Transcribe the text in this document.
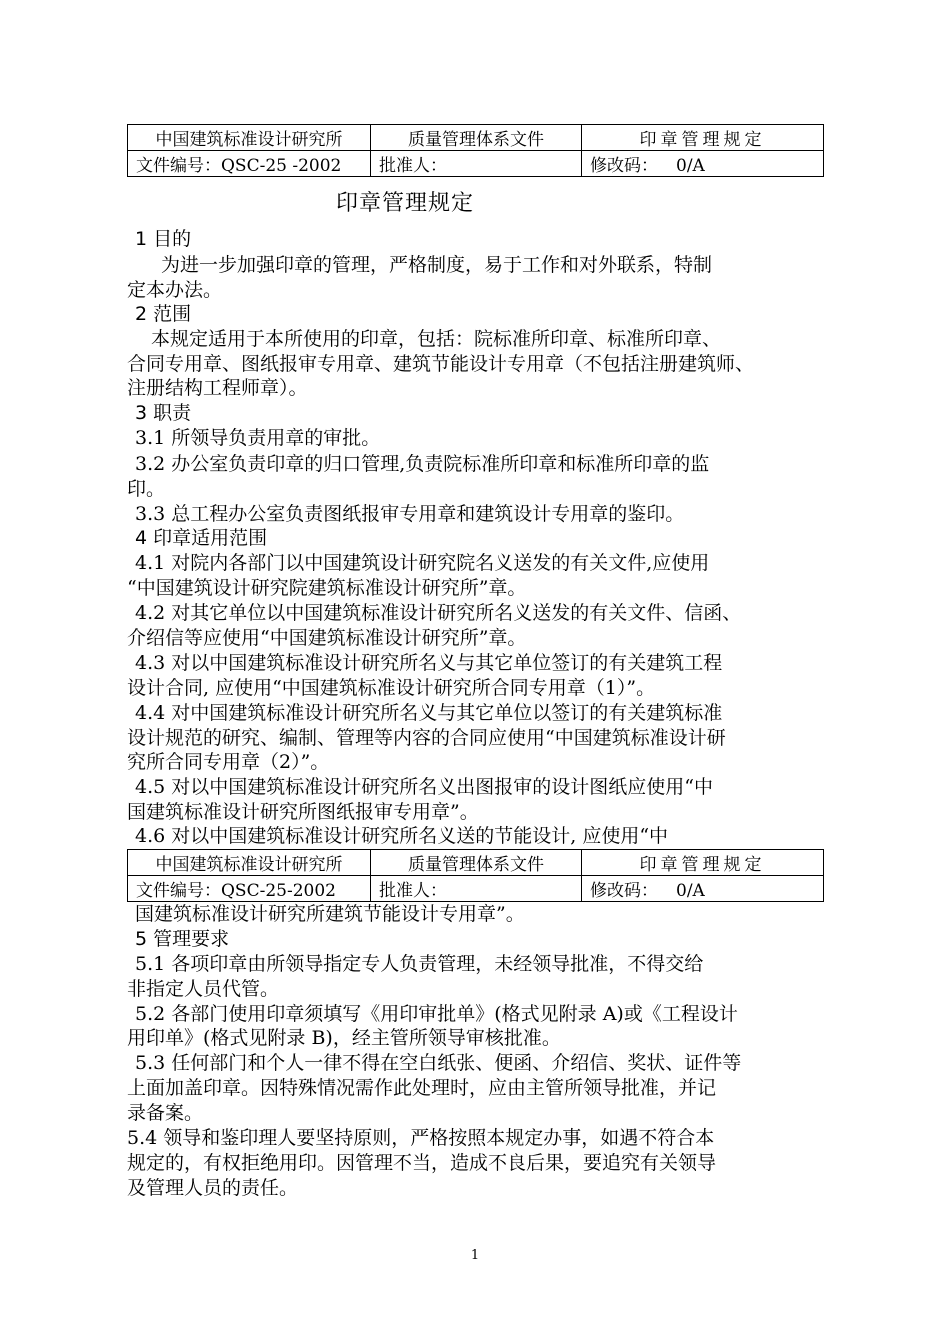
中国建筑标准设计研究所	质量管理体系文件	印章管理规定
文件编号：QSC-25 -2002	批准人：	修改码： 0/A
印章管理规定
1 目的
为进一步加强印章的管理，严格制度，易于工作和对外联系，特制
定本办法。
2 范围
本规定适用于本所使用的印章，包括：院标准所印章、标准所印章、
合同专用章、图纸报审专用章、建筑节能设计专用章（不包括注册建筑师、
注册结构工程师章）。
3 职责
3.1 所领导负责用章的审批。
3.2 办公室负责印章的归口管理,负责院标准所印章和标准所印章的监
印。
3.3 总工程办公室负责图纸报审专用章和建筑设计专用章的鉴印。
4 印章适用范围
4.1 对院内各部门以中国建筑设计研究院名义送发的有关文件,应使用
“中国建筑设计研究院建筑标准设计研究所”章。
4.2 对其它单位以中国建筑标准设计研究所名义送发的有关文件、信函、
介绍信等应使用“中国建筑标准设计研究所”章。
4.3 对以中国建筑标准设计研究所名义与其它单位签订的有关建筑工程
设计合同, 应使用“中国建筑标准设计研究所合同专用章（1）”。
4.4 对中国建筑标准设计研究所名义与其它单位以签订的有关建筑标准
设计规范的研究、编制、管理等内容的合同应使用“中国建筑标准设计研
究所合同专用章（2）”。
4.5 对以中国建筑标准设计研究所名义出图报审的设计图纸应使用“中
国建筑标准设计研究所图纸报审专用章”。
4.6 对以中国建筑标准设计研究所名义送的节能设计, 应使用“中
中国建筑标准设计研究所	质量管理体系文件	印章管理规定
文件编号：QSC-25-2002	批准人：	修改码： 0/A
国建筑标准设计研究所建筑节能设计专用章”。
5 管理要求
5.1 各项印章由所领导指定专人负责管理，未经领导批准，不得交给
非指定人员代管。
5.2 各部门使用印章须填写《用印审批单》(格式见附录 A)或《工程设计
用印单》(格式见附录 B)，经主管所领导审核批准。
5.3 任何部门和个人一律不得在空白纸张、便函、介绍信、奖状、证件等
上面加盖印章。因特殊情况需作此处理时，应由主管所领导批准，并记
录备案。
5.4 领导和鉴印理人要坚持原则，严格按照本规定办事，如遇不符合本
规定的，有权拒绝用印。因管理不当，造成不良后果，要追究有关领导
及管理人员的责任。
1
